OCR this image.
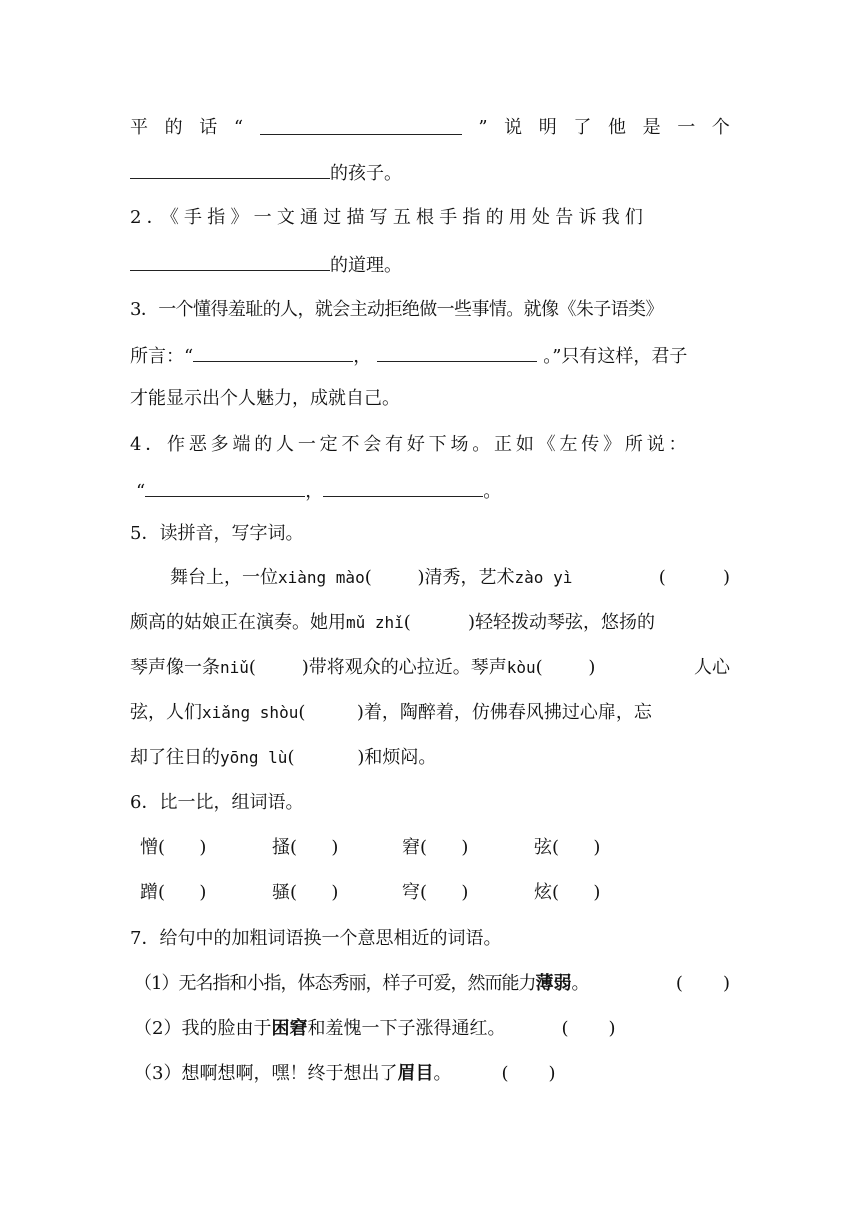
平 的 话 “	” 说 明 了 他 是 一 个
的孩子。
2．《手指》一文通过描写五根手指的用处告诉我们
的道理。
3．一个懂得羞耻的人，就会主动拒绝做一些事情。就像《朱子语类》
所言：“	，	。”只有这样，君子
才能显示出个人魅力，成就自己。
4．作恶多端的人一定不会有好下场。正如《左传》所说：
“	，	。
5．读拼音，写字词。
舞台上，一位xiàng mào(        )清秀，艺术zào yì	(          )
颇高的姑娘正在演奏。她用mǔ zhǐ(          )轻轻拨动琴弦，悠扬的
琴声像一条niǔ(        )带将观众的心拉近。琴声kòu(        )	人心
弦，人们xiǎng shòu(         )着，陶醉着，仿佛春风拂过心扉，忘
却了往日的yōng lù(           )和烦闷。
6．比一比，组词语。
憎(      )	搔(      )	窘(      )	弦(      )
蹭(      )	骚(      )	穹(      )	炫(      )
7．给句中的加粗词语换一个意思相近的词语。
（1）无名指和小指，体态秀丽，样子可爱，然而能力薄弱。	(       )
（2）我的脸由于困窘和羞愧一下子涨得通红。	(       )
（3）想啊想啊，嘿！终于想出了眉目。	(       )
